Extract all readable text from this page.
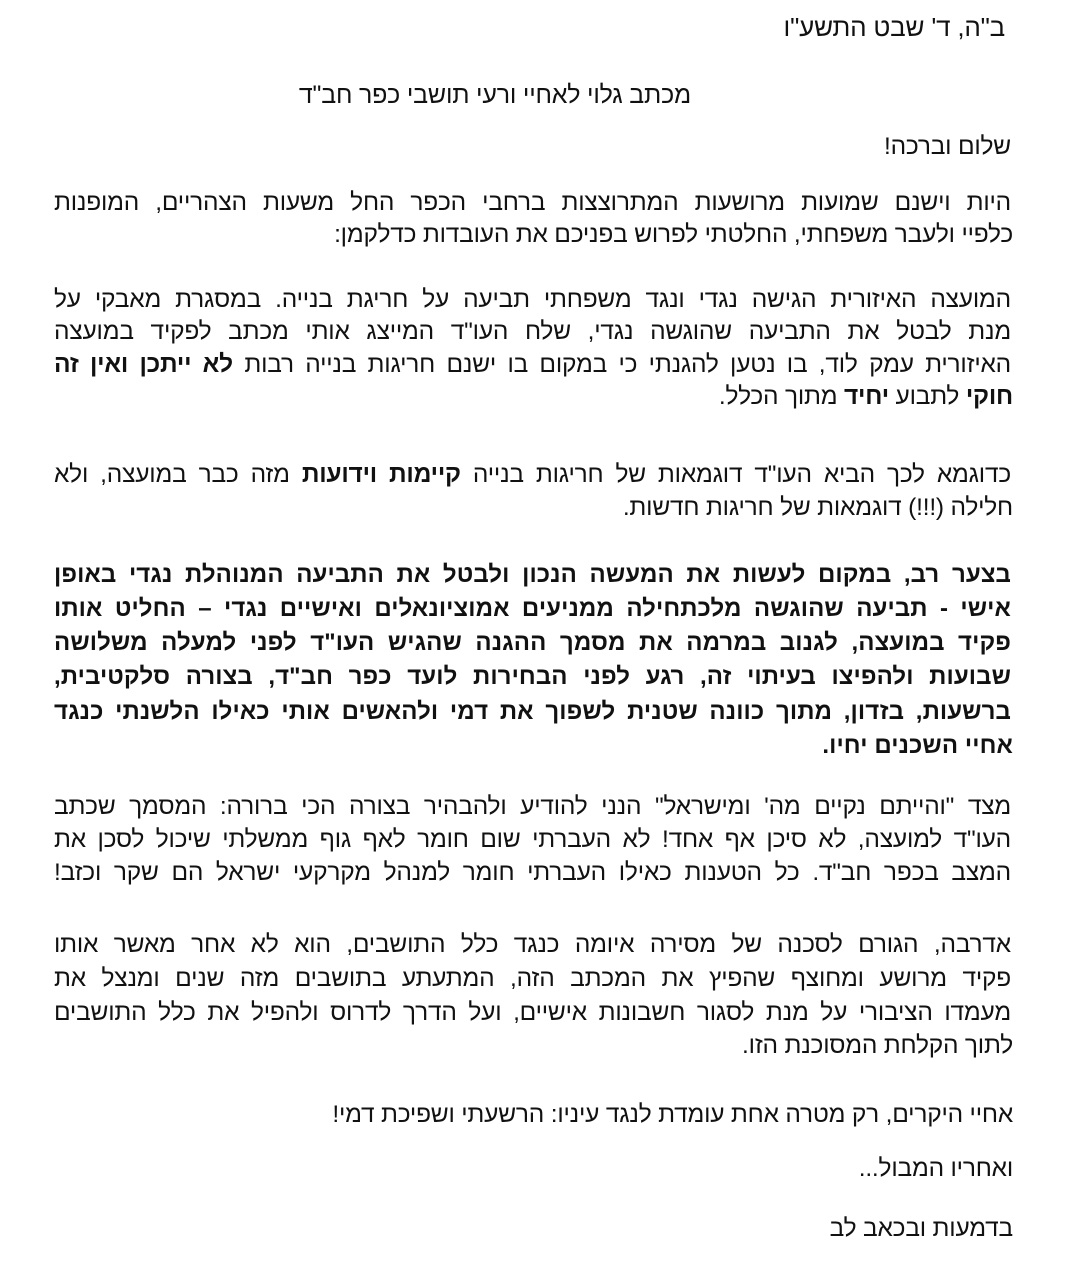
ב"ה, ד' שבט התשע"ו
מכתב גלוי לאחיי ורעי תושבי כפר חב"ד
שלום וברכה!
היות וישנם שמועות מרושעות המתרוצצות ברחבי הכפר החל משעות הצהריים, המופנות
כלפיי ולעבר משפחתי, החלטתי לפרוש בפניכם את העובדות כדלקמן:
המועצה האיזורית הגישה נגדי ונגד משפחתי תביעה על חריגת בנייה. במסגרת מאבקי על
מנת לבטל את התביעה שהוגשה נגדי, שלח העו"ד המייצג אותי מכתב לפקיד במועצה
האיזורית עמק לוד, בו נטען להגנתי כי במקום בו ישנם חריגות בנייה רבות לא ייתכן ואין זה
חוקי לתבוע יחיד מתוך הכלל.
כדוגמא לכך הביא העו"ד דוגמאות של חריגות בנייה קיימות וידועות מזה כבר במועצה, ולא
חלילה (!!!) דוגמאות של חריגות חדשות.
בצער רב, במקום לעשות את המעשה הנכון ולבטל את התביעה המנוהלת נגדי באופן
אישי - תביעה שהוגשה מלכתחילה ממניעים אמוציונאלים ואישיים נגדי – החליט אותו
פקיד במועצה, לגנוב במרמה את מסמך ההגנה שהגיש העו"ד לפני למעלה משלושה
שבועות ולהפיצו בעיתוי זה, רגע לפני הבחירות לועד כפר חב"ד, בצורה סלקטיבית,
ברשעות, בזדון, מתוך כוונה שטנית לשפוך את דמי ולהאשים אותי כאילו הלשנתי כנגד
אחיי השכנים יחיו.
מצד "והייתם נקיים מה' ומישראל" הנני להודיע ולהבהיר בצורה הכי ברורה: המסמך שכתב
העו"ד למועצה, לא סיכן אף אחד! לא העברתי שום חומר לאף גוף ממשלתי שיכול לסכן את
המצב בכפר חב"ד. כל הטענות כאילו העברתי חומר למנהל מקרקעי ישראל הם שקר וכזב!
אדרבה, הגורם לסכנה של מסירה איומה כנגד כלל התושבים, הוא לא אחר מאשר אותו
פקיד מרושע ומחוצף שהפיץ את המכתב הזה, המתעתע בתושבים מזה שנים ומנצל את
מעמדו הציבורי על מנת לסגור חשבונות אישיים, ועל הדרך לדרוס ולהפיל את כלל התושבים
לתוך הקלחת המסוכנת הזו.
אחיי היקרים, רק מטרה אחת עומדת לנגד עיניו: הרשעתי ושפיכת דמי!
ואחריו המבול...
בדמעות ובכאב לב
